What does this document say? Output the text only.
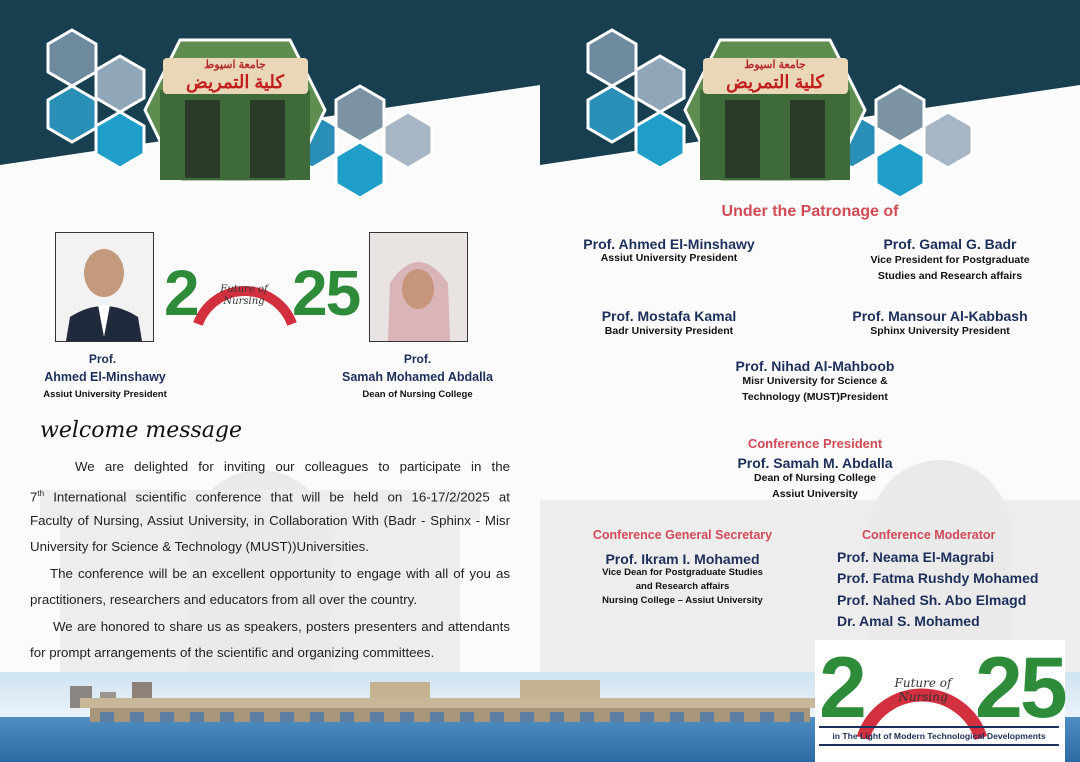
جامعة اسيوط
كلية التمريض
2 25
Future of Nursing
Prof.
Ahmed El-Minshawy
Assiut University President
Prof.
Samah Mohamed Abdalla
Dean of Nursing College
welcome message
We are delighted for inviting our colleagues to participate in the
7th International scientific conference that will be held on 16-17/2/2025 at
Faculty of Nursing, Assiut University, in Collaboration With (Badr - Sphinx - Misr
University for Science & Technology (MUST))Universities.
The conference will be an excellent opportunity to engage with all of you as
practitioners, researchers and educators from all over the country.
We are honored to share us as speakers, posters presenters and attendants
for prompt arrangements of the scientific and organizing committees.
جامعة اسيوط
كلية التمريض
Under the Patronage of
Prof. Ahmed El-Minshawy
Assiut University President
Prof. Gamal G. Badr
Vice President for Postgraduate
Studies and Research affairs
Prof. Mostafa Kamal
Badr University President
Prof. Mansour Al-Kabbash
Sphinx University President
Prof. Nihad Al-Mahboob
Misr University for Science &
Technology (MUST)President
Conference President
Prof. Samah M. Abdalla
Dean of Nursing College
Assiut University
Conference General Secretary
Prof. Ikram I. Mohamed
Vice Dean for Postgraduate Studies
and Research affairs
Nursing College – Assiut University
Conference Moderator
Prof. Neama El-Magrabi
Prof. Fatma Rushdy Mohamed
Prof. Nahed Sh. Abo Elmagd
Dr. Amal S. Mohamed
2 25
Future of Nursing
in The Light of Modern Technological Developments
